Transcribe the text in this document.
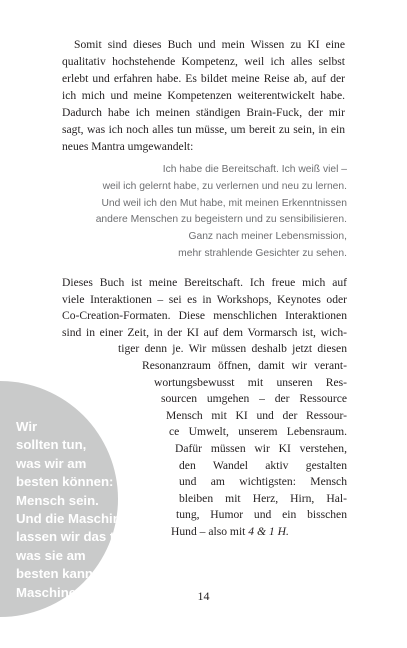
Somit sind dieses Buch und mein Wissen zu KI eine qualitativ hochstehende Kompetenz, weil ich alles selbst erlebt und erfahren habe. Es bildet meine Reise ab, auf der ich mich und meine Kompetenzen weiterentwickelt habe. Dadurch habe ich meinen ständigen Brain-Fuck, der mir sagt, was ich noch alles tun müsse, um bereit zu sein, in ein neues Mantra umgewandelt:

Ich habe die Bereitschaft. Ich weiß viel –
weil ich gelernt habe, zu verlernen und neu zu lernen.
Und weil ich den Mut habe, mit meinen Erkenntnissen
andere Menschen zu begeistern und zu sensibilisieren.
Ganz nach meiner Lebensmission,
mehr strahlende Gesichter zu sehen.
Dieses Buch ist meine Bereitschaft. Ich freue mich auf
viele Interaktionen – sei es in Workshops, Keynotes oder
Co-Creation-Formaten. Diese menschlichen Interaktionen
sind in einer Zeit, in der KI auf dem Vormarsch ist, wich-
tiger denn je. Wir müssen deshalb jetzt diesen
Resonanzraum öffnen, damit wir verant-
wortungsbewusst mit unseren Res-
sourcen umgehen – der Ressource
Mensch mit KI und der Ressour-
ce Umwelt, unserem Lebensraum.
Dafür müssen wir KI verstehen,
den Wandel aktiv gestalten
und am wichtigsten: Mensch
bleiben mit Herz, Hirn, Hal-
tung, Humor und ein bisschen
Hund – also mit 4 & 1 H.
Wir
sollten tun,
was wir am
besten können:
Mensch sein.
Und die Maschine
lassen wir das tun,
was sie am
besten kann:
Maschine sein.	14
